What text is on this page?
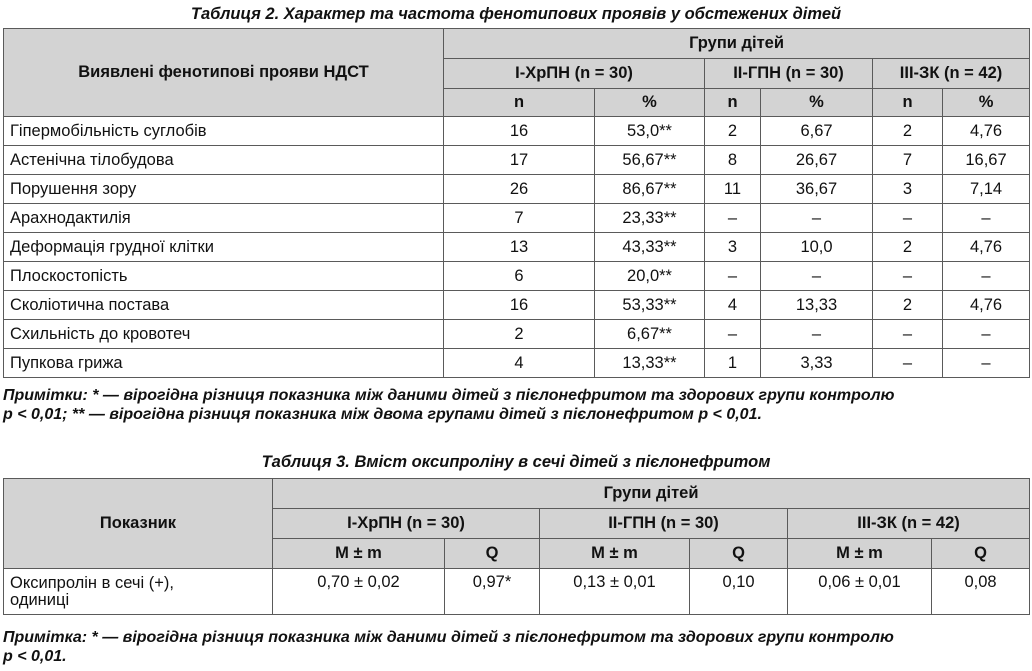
Таблиця 2. Характер та частота фенотипових проявів у обстежених дітей
Виявлені фенотипові прояви НДСТ	Групи дітей					
	I-ХрПН (n = 30)		II-ГПН (n = 30)		III-ЗК (n = 42)	
	n	%	n	%	n	%
Гіпермобільність суглобів	16	53,0**	2	6,67	2	4,76
Астенічна тілобудова	17	56,67**	8	26,67	7	16,67
Порушення зору	26	86,67**	11	36,67	3	7,14
Арахнодактилія	7	23,33**	–	–	–	–
Деформація грудної клітки	13	43,33**	3	10,0	2	4,76
Плоскостопість	6	20,0**	–	–	–	–
Сколіотична постава	16	53,33**	4	13,33	2	4,76
Схильність до кровотеч	2	6,67**	–	–	–	–
Пупкова грижа	4	13,33**	1	3,33	–	–
Примітки: * — вірогідна різниця показника між даними дітей з пієлонефритом та здорових групи контролю
р < 0,01; ** — вірогідна різниця показника між двома групами дітей з пієлонефритом р < 0,01.
Таблиця 3. Вміст оксипроліну в сечі дітей з пієлонефритом
Показник	Групи дітей					
	I-ХрПН (n = 30)		II-ГПН (n = 30)		III-ЗК (n = 42)	
	M ± m	Q	M ± m	Q	M ± m	Q

Оксипролін в сечі (+),
одиниці	0,70 ± 0,02	0,97*	0,13 ± 0,01	0,10	0,06 ± 0,01	0,08
Примітка: * — вірогідна різниця показника між даними дітей з пієлонефритом та здорових групи контролю
р < 0,01.
